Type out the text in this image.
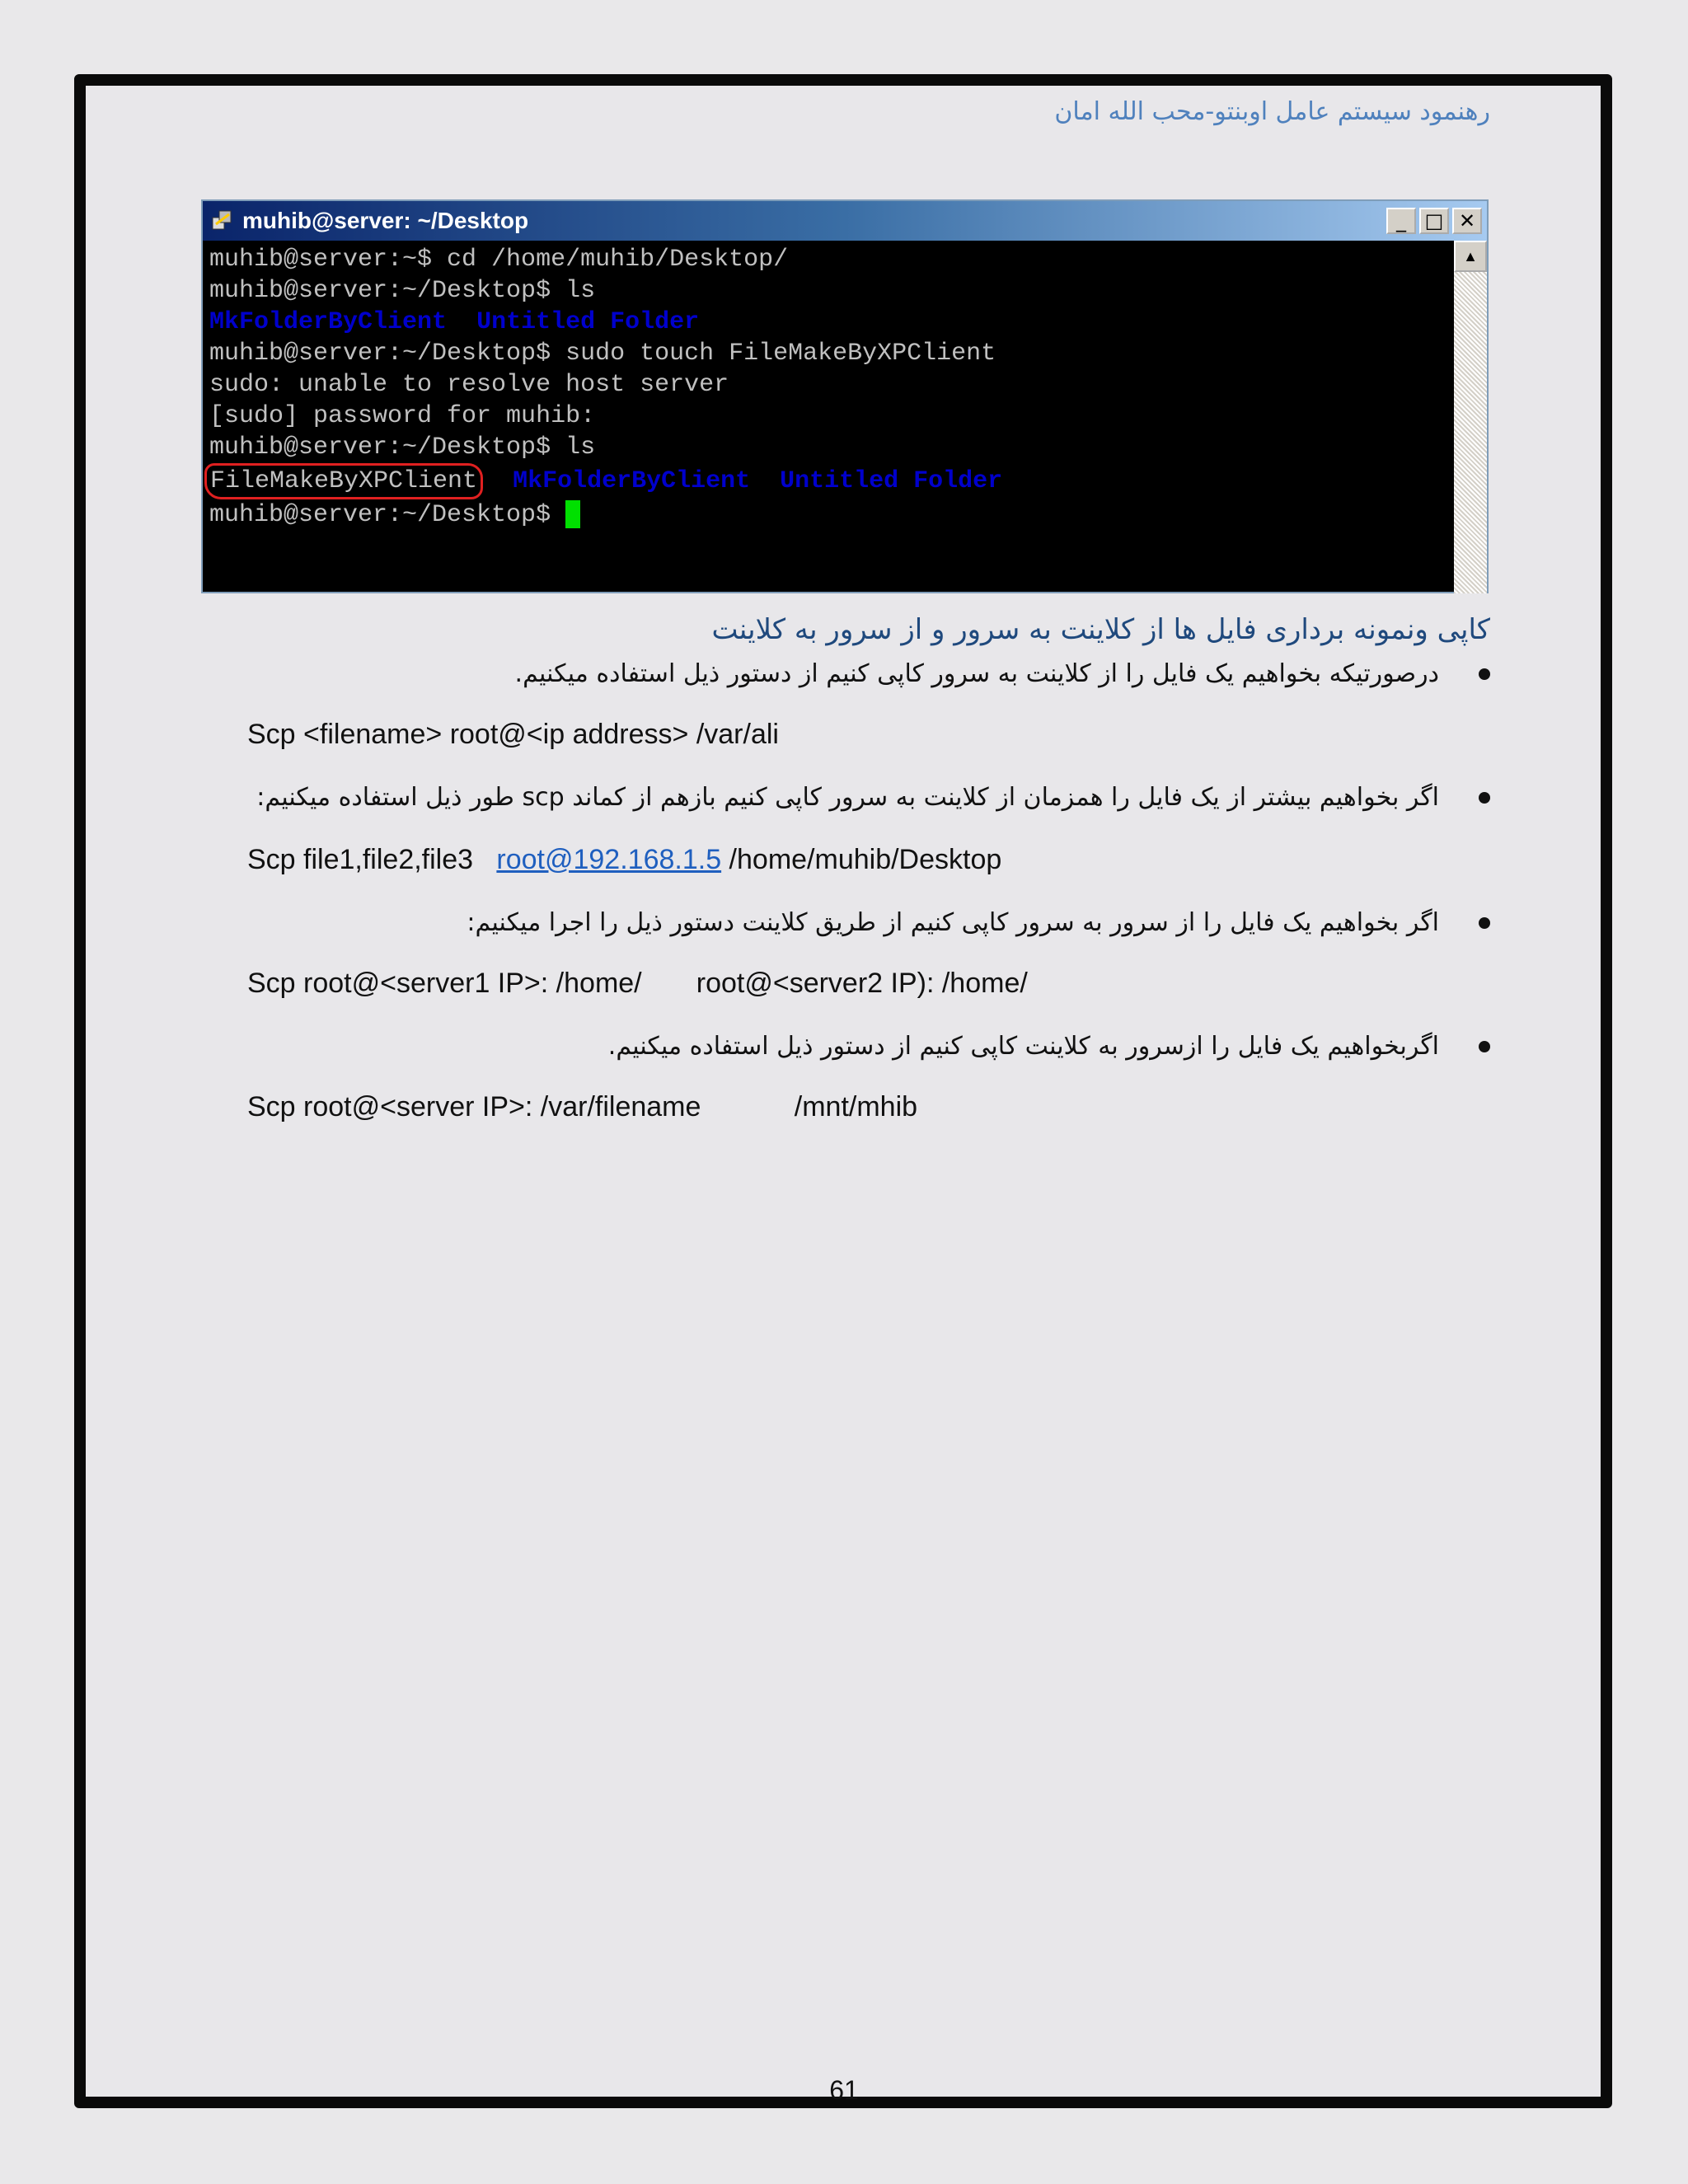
رهنمود سیستم عامل اوبنتو-محب الله امان
muhib@server: ~/Desktop	_ □ ✕
muhib@server:~$ cd /home/muhib/Desktop/
muhib@server:~/Desktop$ ls
MkFolderByClient Untitled Folder
muhib@server:~/Desktop$ sudo touch FileMakeByXPClient
sudo: unable to resolve host server
[sudo] password for muhib:
muhib@server:~/Desktop$ ls
FileMakeByXPClient MkFolderByClient Untitled Folder
muhib@server:~/Desktop$
▲
کاپی ونمونه برداری فایل ها از کلاینت به سرور و از سرور به کلاینت
درصورتیکه بخواهیم یک فایل را از کلاینت به سرور کاپی کنیم از دستور ذیل استفاده میکنیم.
Scp <filename> root@<ip address> /var/ali
اگر بخواهیم بیشتر از یک فایل را همزمان از کلاینت به سرور کاپی کنیم بازهم از کماند scp طور ذیل استفاده میکنیم:
Scp file1,file2,file3   root@192.168.1.5 /home/muhib/Desktop
اگر بخواهیم یک فایل را از سرور به سرور کاپی کنیم از طریق کلاینت دستور ذیل را اجرا میکنیم:
Scp root@<server1 IP>: /home/       root@<server2 IP): /home/
اگربخواهیم یک فایل را ازسرور به کلاینت کاپی کنیم از دستور ذیل استفاده میکنیم.
Scp root@<server IP>: /var/filename            /mnt/mhib
61
